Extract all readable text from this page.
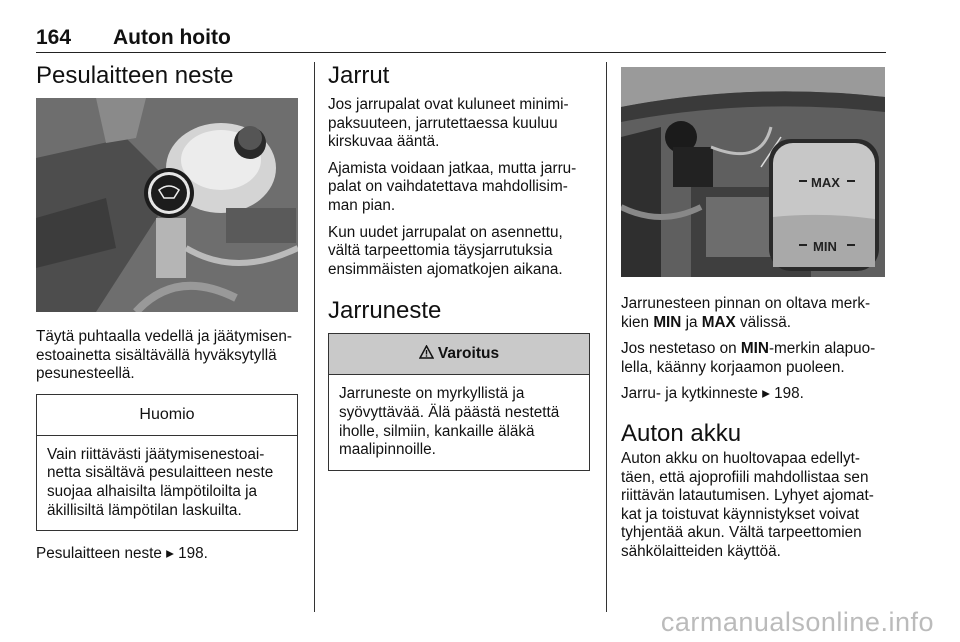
164 Auton hoito
Pesulaitteen neste

Täytä puhtaalla vedellä ja jäätymisen-

estoainetta sisältävällä hyväksytyllä

pesunesteellä.

Huomio

Vain riittävästi jäätymisenestoai-

netta sisältävä pesulaitteen neste

suojaa alhaisilta lämpötiloilta ja

äkillisiltä lämpötilan laskuilta.

Pesulaitteen neste ▸ 198.

Jarrut

Jos jarrupalat ovat kuluneet minimi-

paksuuteen, jarrutettaessa kuuluu

kirskuvaa ääntä.

Ajamista voidaan jatkaa, mutta jarru-

palat on vaihdatettava mahdollisim-

man pian.

Kun uudet jarrupalat on asennettu,

vältä tarpeettomia täysjarrutuksia

ensimmäisten ajomatkojen aikana.

Jarruneste
Varoitus

Jarruneste on myrkyllistä ja

syövyttävää. Älä päästä nestettä

iholle, silmiin, kankaille äläkä

maalipinnoille.

MAX
MIN

Jarrunesteen pinnan on oltava merk-

kien MIN ja MAX välissä.

Jos nestetaso on MIN-merkin alapuo-

lella, käänny korjaamon puoleen.

Jarru- ja kytkinneste ▸ 198.

Auton akku

Auton akku on huoltovapaa edellyt-

täen, että ajoprofiili mahdollistaa sen

riittävän latautumisen. Lyhyet ajomat-

kat ja toistuvat käynnistykset voivat

tyhjentää akun. Vältä tarpeettomien

sähkölaitteiden käyttöä.

carmanualsonline.info
